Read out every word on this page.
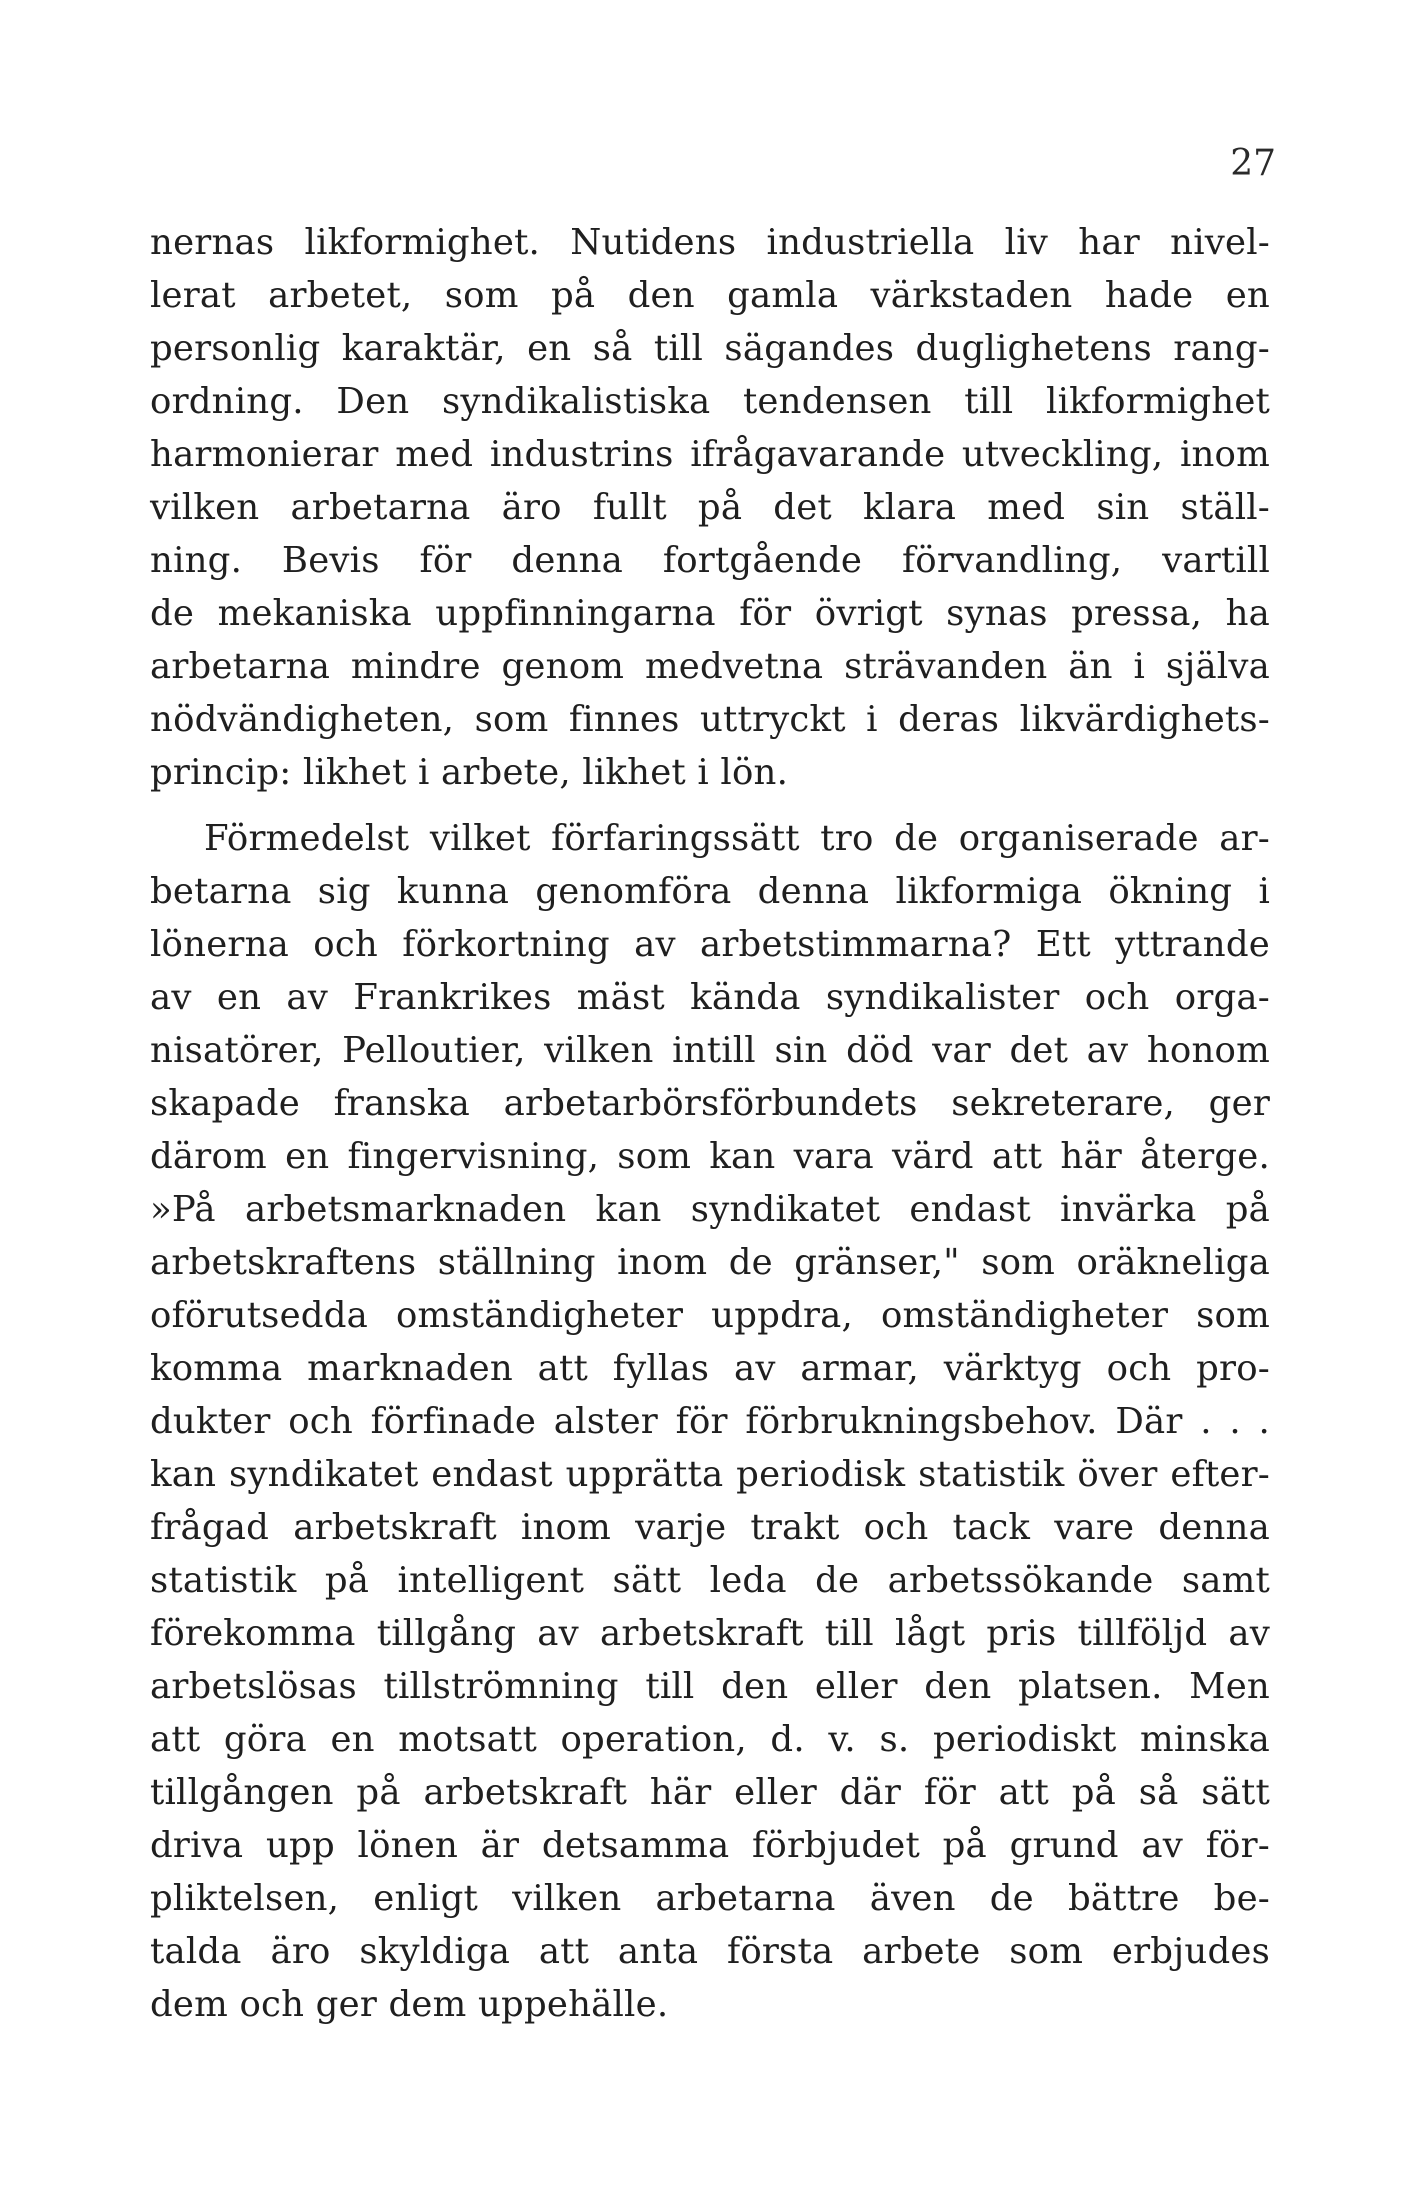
27
nernas likformighet. Nutidens industriella liv har nivel-
lerat arbetet, som på den gamla värkstaden hade en
personlig karaktär, en så till sägandes duglighetens rang-
ordning. Den syndikalistiska tendensen till likformighet
harmonierar med industrins ifrågavarande utveckling, inom
vilken arbetarna äro fullt på det klara med sin ställ-
ning. Bevis för denna fortgående förvandling, vartill
de mekaniska uppfinningarna för övrigt synas pressa, ha
arbetarna mindre genom medvetna strävanden än i själva
nödvändigheten, som finnes uttryckt i deras likvärdighets-
princip: likhet i arbete, likhet i lön.
Förmedelst vilket förfaringssätt tro de organiserade ar-
betarna sig kunna genomföra denna likformiga ökning i
lönerna och förkortning av arbetstimmarna? Ett yttrande
av en av Frankrikes mäst kända syndikalister och orga-
nisatörer, Pelloutier, vilken intill sin död var det av honom
skapade franska arbetarbörsförbundets sekreterare, ger
därom en fingervisning, som kan vara värd att här återge.
»På arbetsmarknaden kan syndikatet endast invärka på
arbetskraftens ställning inom de gränser," som oräkneliga
oförutsedda omständigheter uppdra, omständigheter som
komma marknaden att fyllas av armar, värktyg och pro-
dukter och förfinade alster för förbrukningsbehov. Där . . .
kan syndikatet endast upprätta periodisk statistik över efter-
frågad arbetskraft inom varje trakt och tack vare denna
statistik på intelligent sätt leda de arbetssökande samt
förekomma tillgång av arbetskraft till lågt pris tillföljd av
arbetslösas tillströmning till den eller den platsen. Men
att göra en motsatt operation, d. v. s. periodiskt minska
tillgången på arbetskraft här eller där för att på så sätt
driva upp lönen är detsamma förbjudet på grund av för-
pliktelsen, enligt vilken arbetarna även de bättre be-
talda äro skyldiga att anta första arbete som erbjudes
dem och ger dem uppehälle.
